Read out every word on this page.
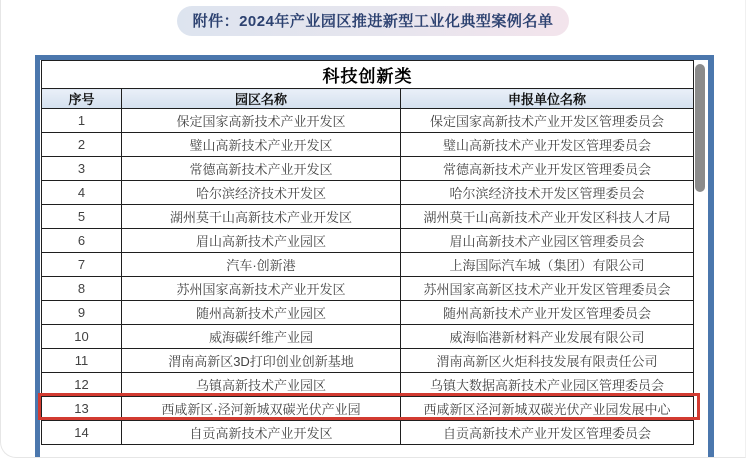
附件：2024年产业园区推进新型工业化典型案例名单
科技创新类		
序号	园区名称	申报单位名称
1	保定国家高新技术产业开发区	保定国家高新技术产业开发区管理委员会
2	璧山高新技术产业开发区	璧山高新技术产业开发区管理委员会
3	常德高新技术产业开发区	常德高新技术产业开发区管理委员会
4	哈尔滨经济技术开发区	哈尔滨经济技术开发区管理委员会
5	湖州莫干山高新技术产业开发区	湖州莫干山高新技术产业开发区科技人才局
6	眉山高新技术产业园区	眉山高新技术产业园区管理委员会
7	汽车·创新港	上海国际汽车城（集团）有限公司
8	苏州国家高新技术产业开发区	苏州国家高新区技术产业开发区管理委员会
9	随州高新技术产业园区	随州高新技术产业开发区管理委员会
10	威海碳纤维产业园	威海临港新材料产业发展有限公司
11	渭南高新区3D打印创业创新基地	渭南高新区火炬科技发展有限责任公司
12	乌镇高新技术产业园区	乌镇大数据高新技术产业园区管理委员会
13	西咸新区·泾河新城双碳光伏产业园	西咸新区泾河新城双碳光伏产业园发展中心
14	自贡高新技术产业开发区	自贡高新技术产业开发区管理委员会
